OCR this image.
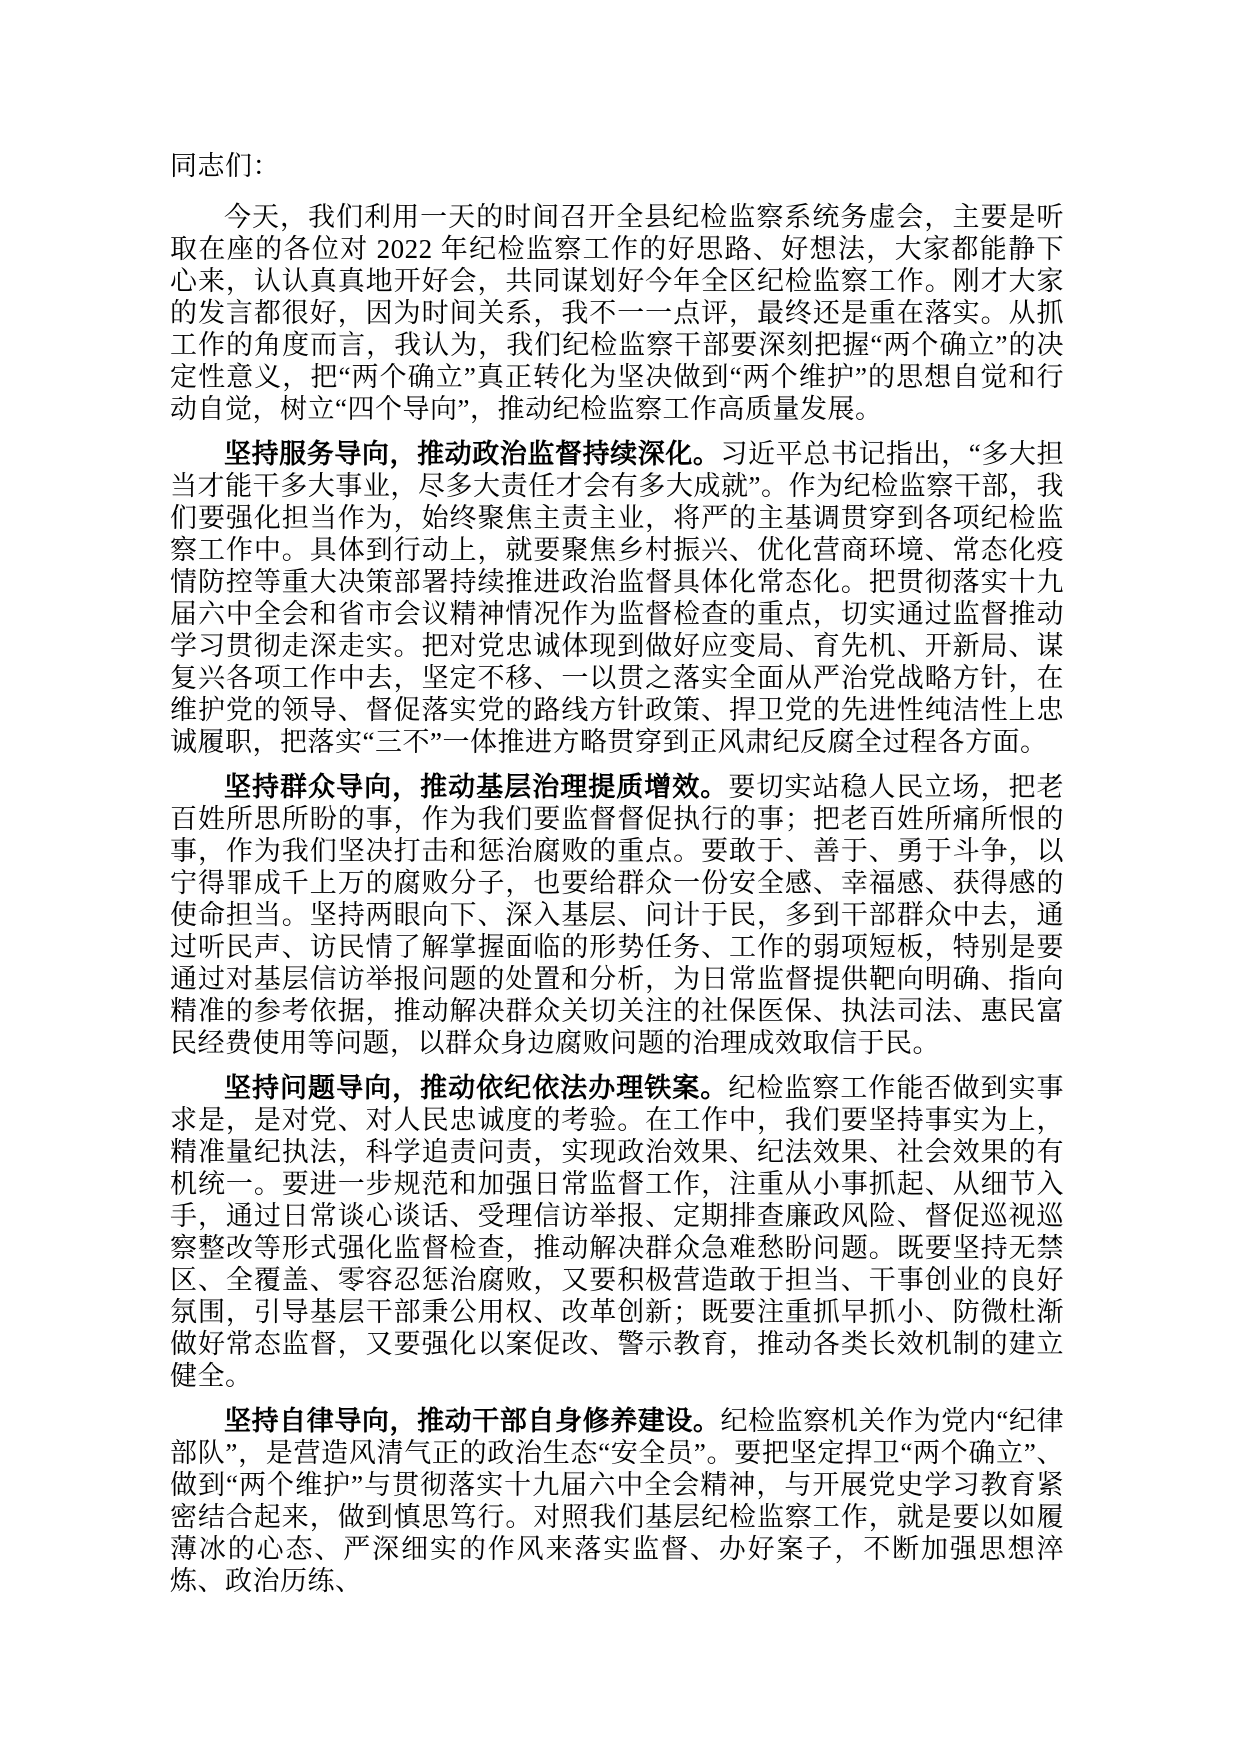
同志们：

今天，我们利用一天的时间召开全县纪检监察系统务虚会，主要是听取在座的各位对 2022 年纪检监察工作的好思路、好想法，大家都能静下心来，认认真真地开好会，共同谋划好今年全区纪检监察工作。刚才大家的发言都很好，因为时间关系，我不一一点评，最终还是重在落实。从抓工作的角度而言，我认为，我们纪检监察干部要深刻把握“两个确立”的决定性意义，把“两个确立”真正转化为坚决做到“两个维护”的思想自觉和行动自觉，树立“四个导向”，推动纪检监察工作高质量发展。

坚持服务导向，推动政治监督持续深化。习近平总书记指出，“多大担当才能干多大事业，尽多大责任才会有多大成就”。作为纪检监察干部，我们要强化担当作为，始终聚焦主责主业，将严的主基调贯穿到各项纪检监察工作中。具体到行动上，就要聚焦乡村振兴、优化营商环境、常态化疫情防控等重大决策部署持续推进政治监督具体化常态化。把贯彻落实十九届六中全会和省市会议精神情况作为监督检查的重点，切实通过监督推动学习贯彻走深走实。把对党忠诚体现到做好应变局、育先机、开新局、谋复兴各项工作中去，坚定不移、一以贯之落实全面从严治党战略方针，在维护党的领导、督促落实党的路线方针政策、捍卫党的先进性纯洁性上忠诚履职，把落实“三不”一体推进方略贯穿到正风肃纪反腐全过程各方面。

坚持群众导向，推动基层治理提质增效。要切实站稳人民立场，把老百姓所思所盼的事，作为我们要监督督促执行的事；把老百姓所痛所恨的事，作为我们坚决打击和惩治腐败的重点。要敢于、善于、勇于斗争，以宁得罪成千上万的腐败分子，也要给群众一份安全感、幸福感、获得感的使命担当。坚持两眼向下、深入基层、问计于民，多到干部群众中去，通过听民声、访民情了解掌握面临的形势任务、工作的弱项短板，特别是要通过对基层信访举报问题的处置和分析，为日常监督提供靶向明确、指向精准的参考依据，推动解决群众关切关注的社保医保、执法司法、惠民富民经费使用等问题，以群众身边腐败问题的治理成效取信于民。

坚持问题导向，推动依纪依法办理铁案。纪检监察工作能否做到实事求是，是对党、对人民忠诚度的考验。在工作中，我们要坚持事实为上，精准量纪执法，科学追责问责，实现政治效果、纪法效果、社会效果的有机统一。要进一步规范和加强日常监督工作，注重从小事抓起、从细节入手，通过日常谈心谈话、受理信访举报、定期排查廉政风险、督促巡视巡察整改等形式强化监督检查，推动解决群众急难愁盼问题。既要坚持无禁区、全覆盖、零容忍惩治腐败，又要积极营造敢于担当、干事创业的良好氛围，引导基层干部秉公用权、改革创新；既要注重抓早抓小、防微杜渐做好常态监督，又要强化以案促改、警示教育，推动各类长效机制的建立健全。

坚持自律导向，推动干部自身修养建设。纪检监察机关作为党内“纪律部队”，是营造风清气正的政治生态“安全员”。要把坚定捍卫“两个确立”、做到“两个维护”与贯彻落实十九届六中全会精神，与开展党史学习教育紧密结合起来，做到慎思笃行。对照我们基层纪检监察工作，就是要以如履薄冰的心态、严深细实的作风来落实监督、办好案子，不断加强思想淬炼、政治历练、
